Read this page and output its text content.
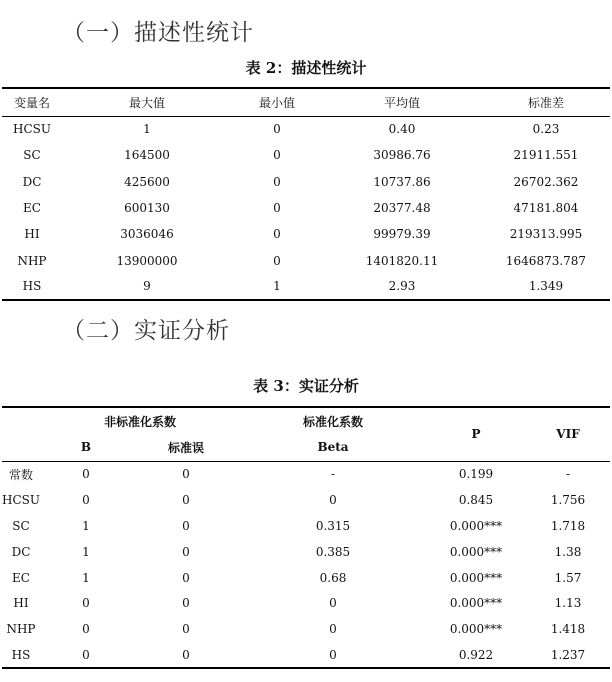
（一）描述性统计
表 2：描述性统计
变量名	最大值	最小值	平均值	标准差
HCSU	1	0	0.40	0.23
SC	164500	0	30986.76	21911.551
DC	425600	0	10737.86	26702.362
EC	600130	0	20377.48	47181.804
HI	3036046	0	99979.39	219313.995
NHP	13900000	0	1401820.11	1646873.787
HS	9	1	2.93	1.349
（二）实证分析
表 3：实证分析
	非标准化系数		标准化系数	P	VIF
	B	标准误	Beta		
常数	0	0	-	0.199	-
HCSU	0	0	0	0.845	1.756
SC	1	0	0.315	0.000***	1.718
DC	1	0	0.385	0.000***	1.38
EC	1	0	0.68	0.000***	1.57
HI	0	0	0	0.000***	1.13
NHP	0	0	0	0.000***	1.418
HS	0	0	0	0.922	1.237
